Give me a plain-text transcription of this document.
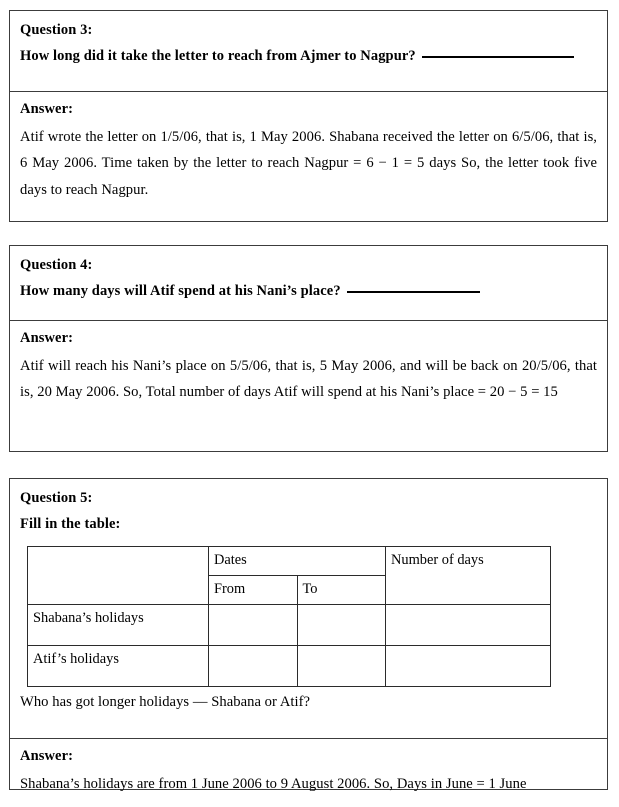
Question 3:

How long did it take the letter to reach from Ajmer to Nagpur?

Answer:

Atif wrote the letter on 1/5/06, that is, 1 May 2006. Shabana received the letter on 6/5/06, that is, 6 May 2006. Time taken by the letter to reach Nagpur = 6 − 1 = 5 days So, the letter took five days to reach Nagpur.

Question 4:

How many days will Atif spend at his Nani’s place?

Answer:

Atif will reach his Nani’s place on 5/5/06, that is, 5 May 2006, and will be back on 20/5/06, that is, 20 May 2006. So, Total number of days Atif will spend at his Nani’s place = 20 − 5 = 15

Question 5:

Fill in the table:

	Dates		Number of days
	From	To	
Shabana’s holidays			
Atif’s holidays			

Who has got longer holidays — Shabana or Atif?

Answer:

Shabana’s holidays are from 1 June 2006 to 9 August 2006. So, Days in June = 1 June
